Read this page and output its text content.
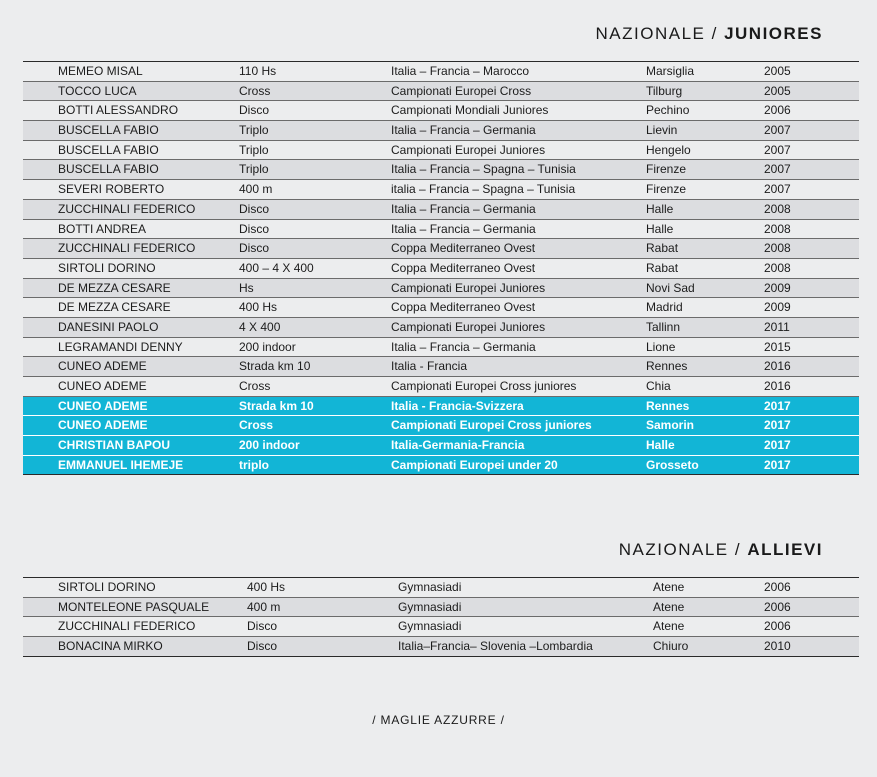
NAZIONALE / JUNIORES
MEMEO MISAL	110 Hs	Italia – Francia – Marocco	Marsiglia	2005
TOCCO LUCA	Cross	Campionati Europei Cross	Tilburg	2005
BOTTI ALESSANDRO	Disco	Campionati Mondiali Juniores	Pechino	2006
BUSCELLA FABIO	Triplo	Italia – Francia – Germania	Lievin	2007
BUSCELLA FABIO	Triplo	Campionati Europei Juniores	Hengelo	2007
BUSCELLA FABIO	Triplo	Italia – Francia – Spagna – Tunisia	Firenze	2007
SEVERI ROBERTO	400 m	italia – Francia – Spagna – Tunisia	Firenze	2007
ZUCCHINALI FEDERICO	Disco	Italia – Francia – Germania	Halle	2008
BOTTI ANDREA	Disco	Italia – Francia – Germania	Halle	2008
ZUCCHINALI FEDERICO	Disco	Coppa Mediterraneo Ovest	Rabat	2008
SIRTOLI DORINO	400 – 4 X 400	Coppa Mediterraneo Ovest	Rabat	2008
DE MEZZA CESARE	Hs	Campionati Europei Juniores	Novi Sad	2009
DE MEZZA CESARE	400 Hs	Coppa Mediterraneo Ovest	Madrid	2009
DANESINI PAOLO	4 X 400	Campionati Europei Juniores	Tallinn	2011
LEGRAMANDI DENNY	200 indoor	Italia – Francia – Germania	Lione	2015
CUNEO ADEME	Strada km 10	Italia - Francia	Rennes	2016
CUNEO ADEME	Cross	Campionati Europei Cross juniores	Chia	2016
CUNEO ADEME	Strada km 10	Italia - Francia-Svizzera	Rennes	2017
CUNEO ADEME	Cross	Campionati Europei Cross juniores	Samorin	2017
CHRISTIAN BAPOU	200 indoor	Italia-Germania-Francia	Halle	2017
EMMANUEL IHEMEJE	triplo	Campionati Europei under 20	Grosseto	2017
NAZIONALE / ALLIEVI
SIRTOLI DORINO	400 Hs	Gymnasiadi	Atene	2006
MONTELEONE PASQUALE	400 m	Gymnasiadi	Atene	2006
ZUCCHINALI FEDERICO	Disco	Gymnasiadi	Atene	2006
BONACINA MIRKO	Disco	Italia–Francia– Slovenia –Lombardia	Chiuro	2010
/ MAGLIE AZZURRE /
